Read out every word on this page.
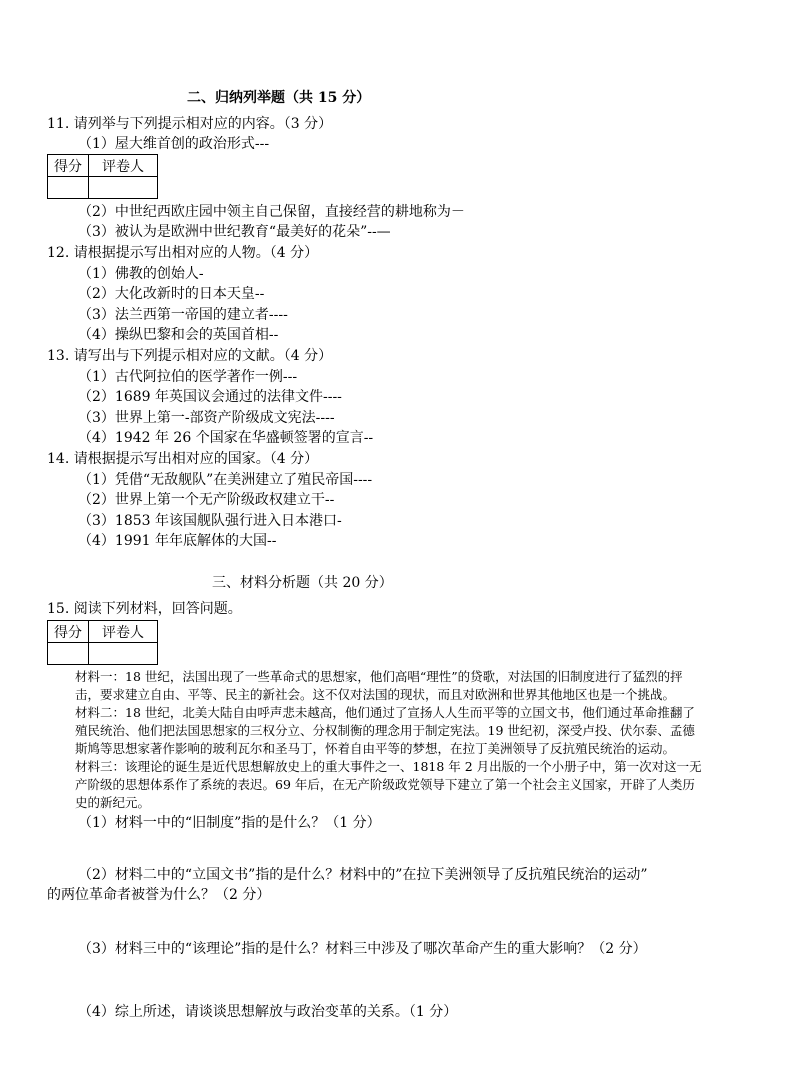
二、归纳列举题（共 15 分）
11. 请列举与下列提示相对应的内容。（3 分）
（1）屋大维首创的政治形式---
得分	评卷人

（2）中世纪西欧庄园中领主自己保留，直接经营的耕地称为－
（3）被认为是欧洲中世纪教育“最美好的花朵”--—
12. 请根据提示写出相对应的人物。（4 分）
（1）佛教的创始人-
（2）大化改新时的日本天皇--
（3）法兰西第一帝国的建立者----
（4）操纵巴黎和会的英国首相--
13. 请写出与下列提示相对应的文献。（4 分）
（1）古代阿拉伯的医学著作一例---
（2）1689 年英国议会通过的法律文件----
（3）世界上第一-部资产阶级成文宪法----
（4）1942 年 26 个国家在华盛顿签署的宣言--
14. 请根据提示写出相对应的国家。（4 分）
（1）凭借“无敌舰队”在美洲建立了殖民帝国----
（2）世界上第一个无产阶级政权建立干--
（3）1853 年该国舰队强行进入日本港口-
（4）1991 年年底解体的大国--
三、材料分析题（共 20 分）
15. 阅读下列材料，回答问题。
得分	评卷人

材料一：18 世纪，法国出现了一些革命式的思想家，他们高唱“理性”的贷歌，对法国的旧制度进行了猛烈的抨
击，要求建立自由、平等、民主的新社会。这不仅对法国的现状，而且对欧洲和世界其他地区也是一个挑战。
材料二：18 世纪，北美大陆自由呼声悲未越高，他们通过了宣扬人人生而平等的立国文书，他们通过革命推翻了
殖民统治、他们把法国思想家的三权分立、分权制衡的理念用于制定宪法。19 世纪初，深受卢投、伏尔泰、孟德
斯鸠等思想家著作影响的玻利瓦尔和圣马丁，怀着自由平等的梦想，在拉丁美洲领导了反抗殖民统治的运动。
材料三：该理论的诞生是近代思想解放史上的重大事件之一、1818 年 2 月出版的一个小册子中，第一次对这一无
产阶级的思想体系作了系统的表迟。69 年后，在无产阶级政党领导下建立了第一个社会主义国家，开辟了人类历
史的新纪元。
（1）材料一中的“旧制度”指的是什么？（1 分）
（2）材料二中的“立国文书”指的是什么？材料中的”在拉下美洲领导了反抗殖民统治的运动”
的两位革命者被誉为什么？（2 分）
（3）材料三中的“该理论”指的是什么？材料三中涉及了哪次革命产生的重大影响？（2 分）
（4）综上所述，请谈谈思想解放与政治变革的关系。（1 分）
